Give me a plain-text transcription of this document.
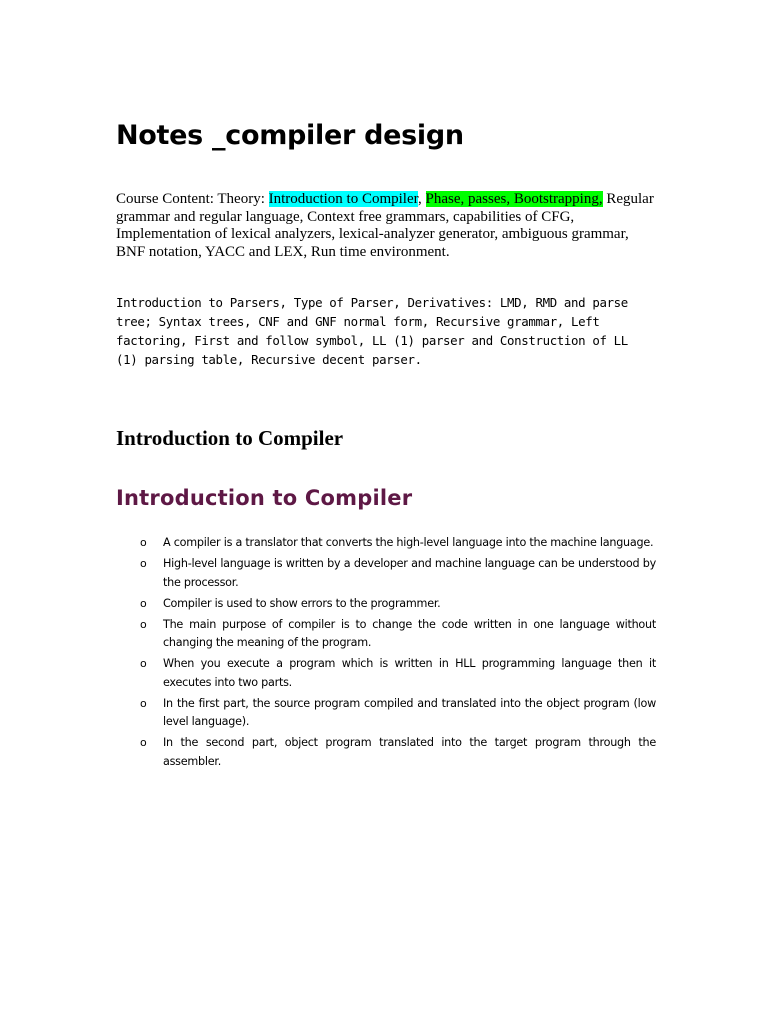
Notes _compiler design

Course Content: Theory: Introduction to Compiler, Phase, passes, Bootstrapping, Regular grammar and regular language, Context free grammars, capabilities of CFG, Implementation of lexical analyzers, lexical-analyzer generator, ambiguous grammar, BNF notation, YACC and LEX, Run time environment.

Introduction to Parsers, Type of Parser, Derivatives: LMD, RMD and parse tree; Syntax trees, CNF and GNF normal form, Recursive grammar, Left factoring, First and follow symbol, LL (1) parser and Construction of LL (1) parsing table, Recursive decent parser.

Introduction to Compiler
Introduction to Compiler
o A compiler is a translator that converts the high-level language into the machine language.
o High-level language is written by a developer and machine language can be understood by the processor.
o Compiler is used to show errors to the programmer.
o The main purpose of compiler is to change the code written in one language without changing the meaning of the program.
o When you execute a program which is written in HLL programming language then it executes into two parts.
o In the first part, the source program compiled and translated into the object program (low level language).
o In the second part, object program translated into the target program through the assembler.
